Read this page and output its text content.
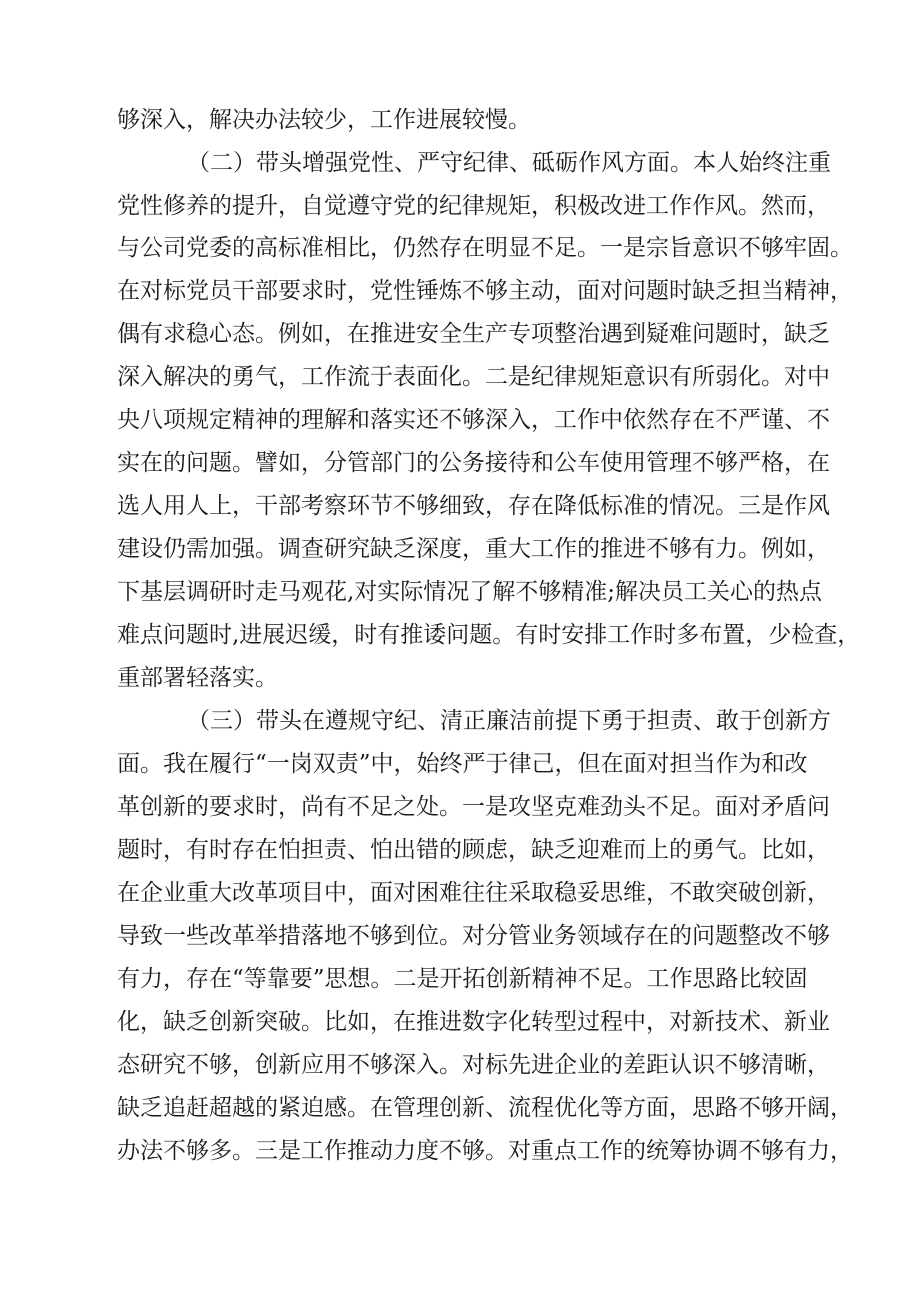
够深入，解决办法较少，工作进展较慢。

（二）带头增强党性、严守纪律、砥砺作风方面。本人始终注重

党性修养的提升，自觉遵守党的纪律规矩，积极改进工作作风。然而，

与公司党委的高标准相比，仍然存在明显不足。一是宗旨意识不够牢固。

在对标党员干部要求时，党性锤炼不够主动，面对问题时缺乏担当精神，

偶有求稳心态。例如，在推进安全生产专项整治遇到疑难问题时，缺乏

深入解决的勇气，工作流于表面化。二是纪律规矩意识有所弱化。对中

央八项规定精神的理解和落实还不够深入，工作中依然存在不严谨、不

实在的问题。譬如，分管部门的公务接待和公车使用管理不够严格，在

选人用人上，干部考察环节不够细致，存在降低标准的情况。三是作风

建设仍需加强。调查研究缺乏深度，重大工作的推进不够有力。例如，

下基层调研时走马观花,对实际情况了解不够精准;解决员工关心的热点

难点问题时,进展迟缓，时有推诿问题。有时安排工作时多布置，少检查，

重部署轻落实。

（三）带头在遵规守纪、清正廉洁前提下勇于担责、敢于创新方

面。我在履行“一岗双责”中，始终严于律己，但在面对担当作为和改

革创新的要求时，尚有不足之处。一是攻坚克难劲头不足。面对矛盾问

题时，有时存在怕担责、怕出错的顾虑，缺乏迎难而上的勇气。比如，

在企业重大改革项目中，面对困难往往采取稳妥思维，不敢突破创新，

导致一些改革举措落地不够到位。对分管业务领域存在的问题整改不够

有力，存在“等靠要”思想。二是开拓创新精神不足。工作思路比较固

化，缺乏创新突破。比如，在推进数字化转型过程中，对新技术、新业

态研究不够，创新应用不够深入。对标先进企业的差距认识不够清晰，

缺乏追赶超越的紧迫感。在管理创新、流程优化等方面，思路不够开阔，

办法不够多。三是工作推动力度不够。对重点工作的统筹协调不够有力，
